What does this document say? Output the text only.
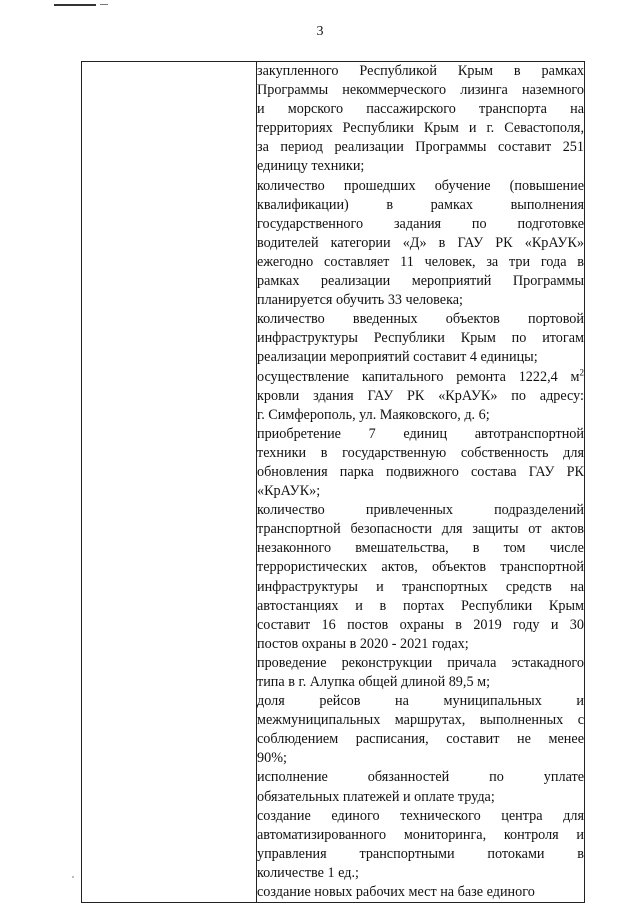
3

закупленного Республикой Крым в рамках
Программы некоммерческого лизинга наземного
и морского пассажирского транспорта на
территориях Республики Крым и г. Севастополя,
за период реализации Программы составит 251
единицу техники;
количество прошедших обучение (повышение
квалификации) в рамках выполнения
государственного задания по подготовке
водителей категории «Д» в ГАУ РК «КрАУК»
ежегодно составляет 11 человек, за три года в
рамках реализации мероприятий Программы
планируется обучить 33 человека;
количество введенных объектов портовой
инфраструктуры Республики Крым по итогам
реализации мероприятий составит 4 единицы;
осуществление капитального ремонта 1222,4 $м^2$
кровли здания ГАУ РК «КрАУК» по адресу:
г. Симферополь, ул. Маяковского, д. 6;
приобретение 7 единиц автотранспортной
техники в государственную собственность для
обновления парка подвижного состава ГАУ РК
«КрАУК»;
количество привлеченных подразделений
транспортной безопасности для защиты от актов
незаконного вмешательства, в том числе
террористических актов, объектов транспортной
инфраструктуры и транспортных средств на
автостанциях и в портах Республики Крым
составит 16 постов охраны в 2019 году и 30
постов охраны в 2020 - 2021 годах;
проведение реконструкции причала эстакадного
типа в г. Алупка общей длиной 89,5 м;
доля рейсов на муниципальных и
межмуниципальных маршрутах, выполненных с
соблюдением расписания, составит не менее
90%;
исполнение обязанностей по уплате
обязательных платежей и оплате труда;
создание единого технического центра для
автоматизированного мониторинга, контроля и
управления транспортными потоками в
количестве 1 ед.;
создание новых рабочих мест на базе единого
